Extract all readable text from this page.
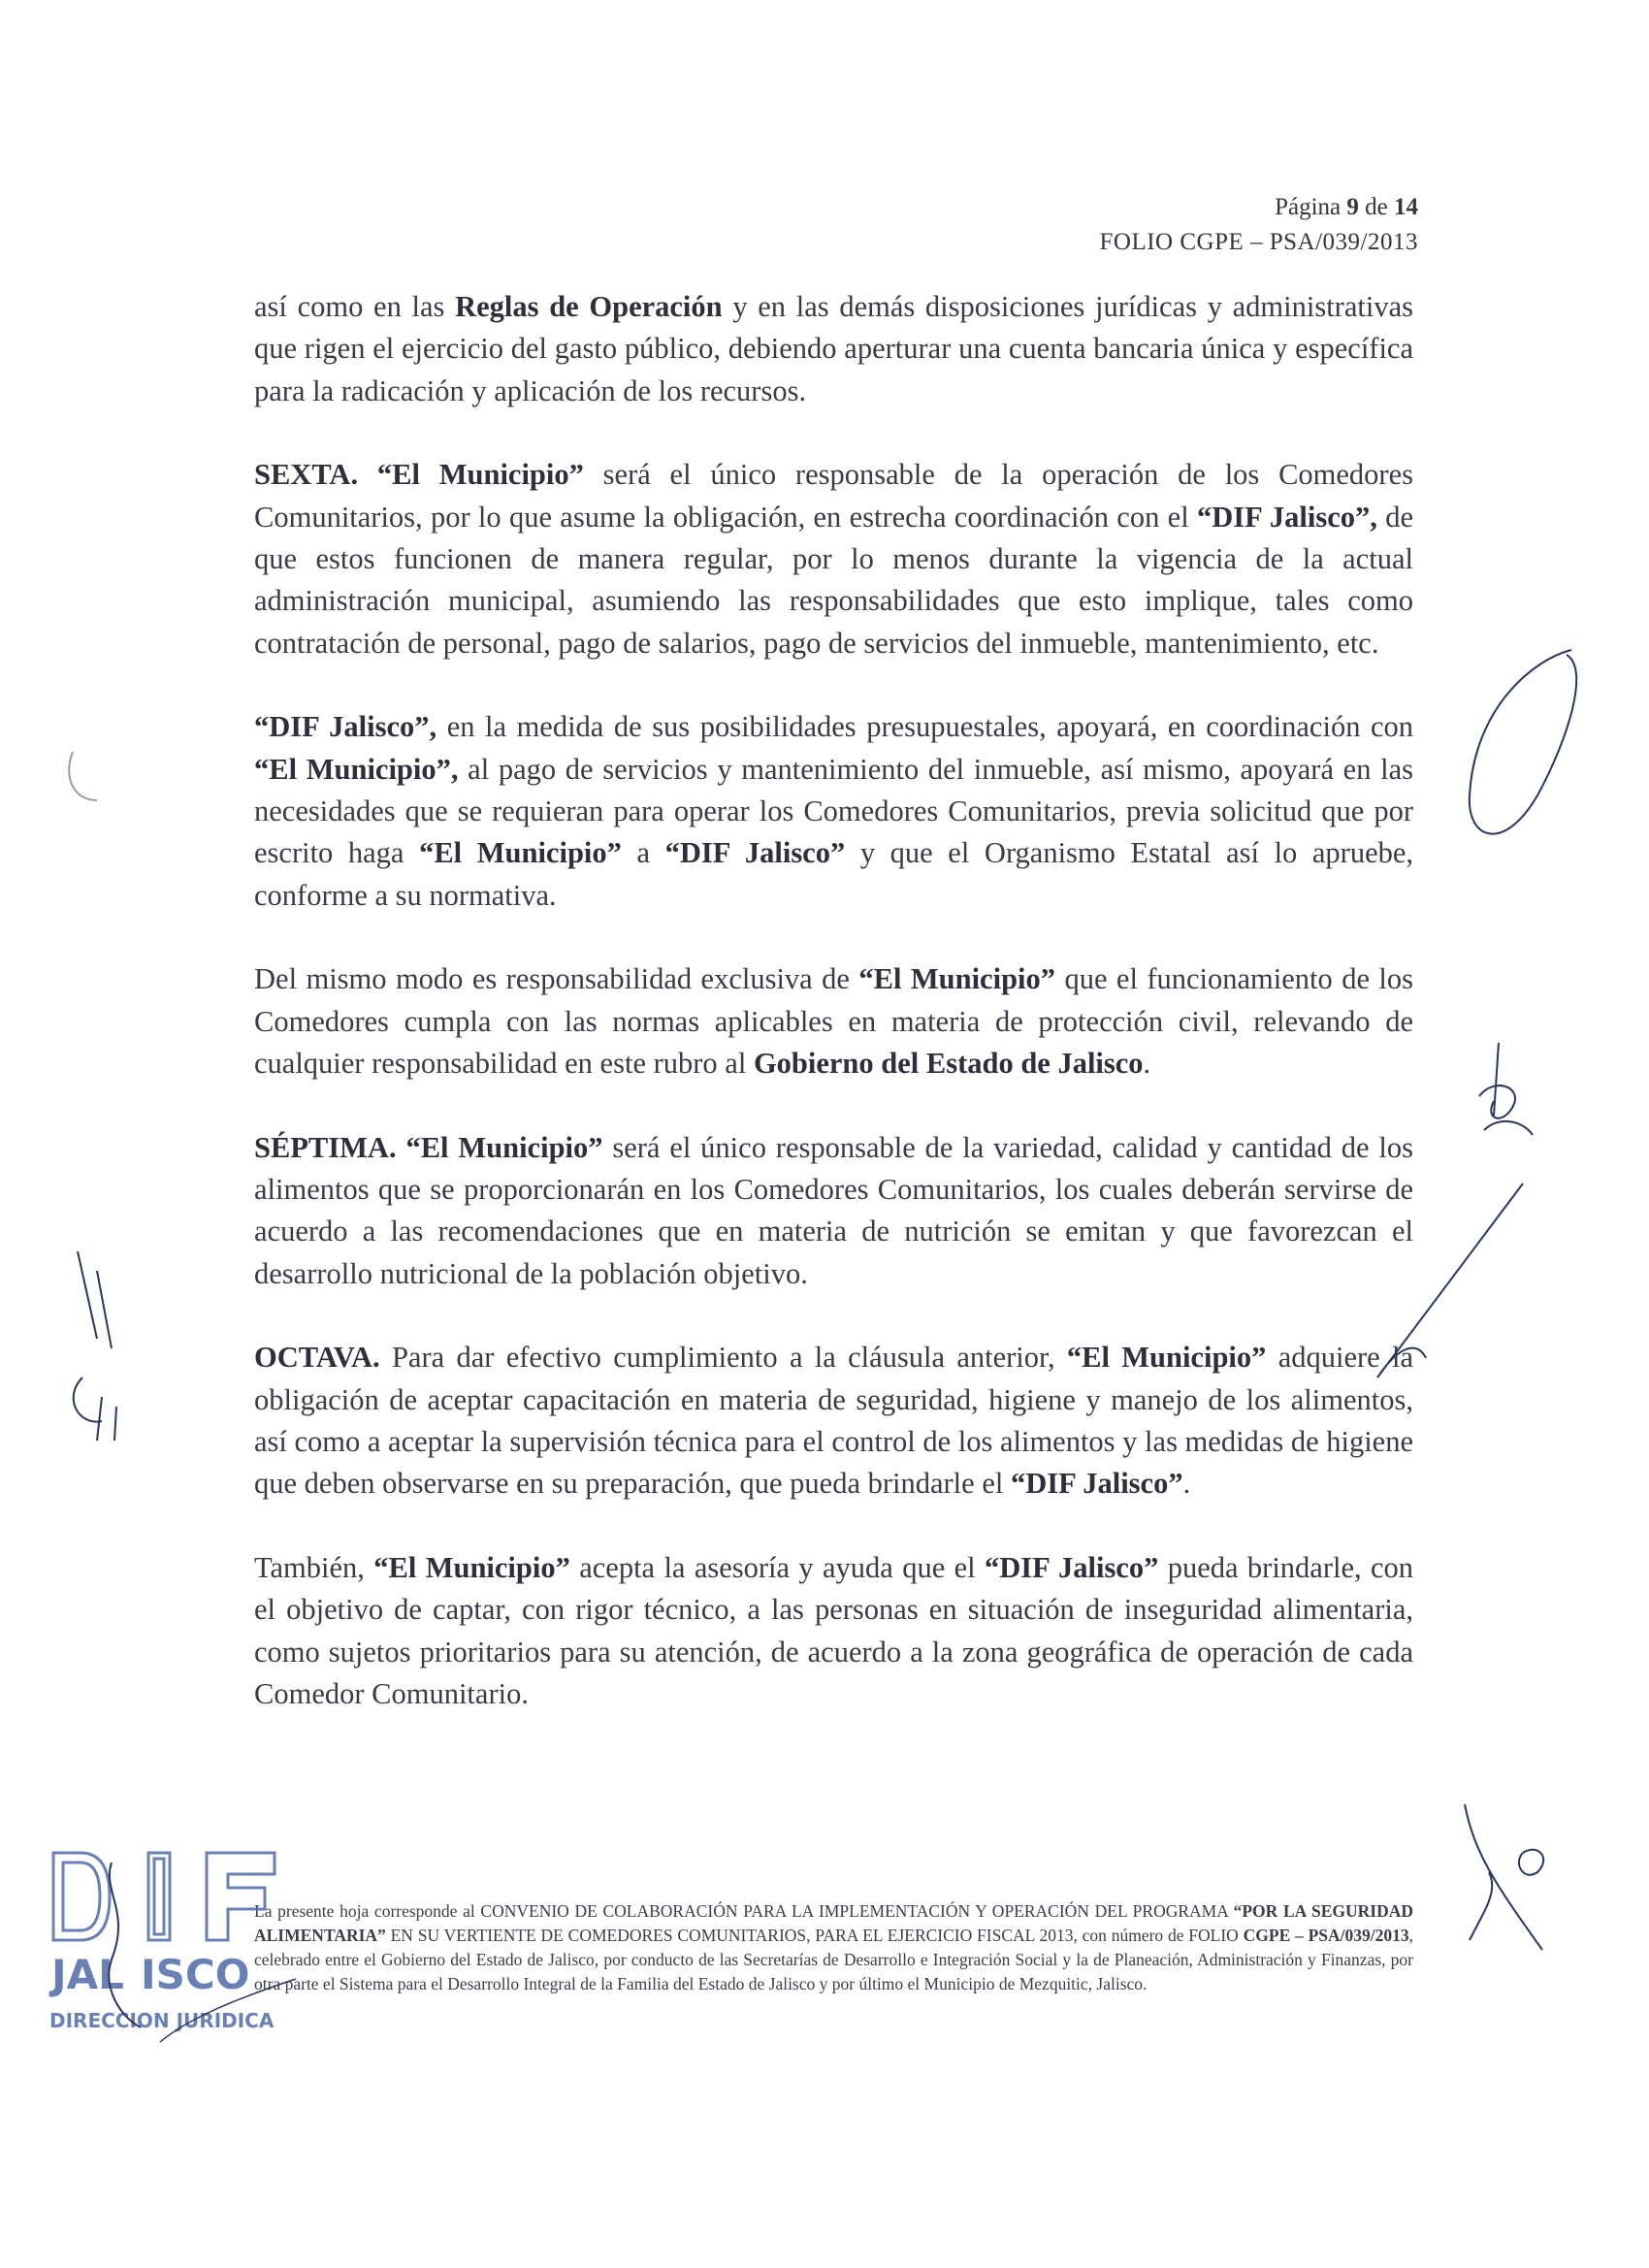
Página 9 de 14
FOLIO CGPE – PSA/039/2013

así como en las Reglas de Operación y en las demás disposiciones jurídicas y administrativas que rigen el ejercicio del gasto público, debiendo aperturar una cuenta bancaria única y específica para la radicación y aplicación de los recursos.

SEXTA. “El Municipio” será el único responsable de la operación de los Comedores Comunitarios, por lo que asume la obligación, en estrecha coordinación con el “DIF Jalisco”, de que estos funcionen de manera regular, por lo menos durante la vigencia de la actual administración municipal, asumiendo las responsabilidades que esto implique, tales como contratación de personal, pago de salarios, pago de servicios del inmueble, mantenimiento, etc.

“DIF Jalisco”, en la medida de sus posibilidades presupuestales, apoyará, en coordinación con “El Municipio”, al pago de servicios y mantenimiento del inmueble, así mismo, apoyará en las necesidades que se requieran para operar los Comedores Comunitarios, previa solicitud que por escrito haga “El Municipio” a “DIF Jalisco” y que el Organismo Estatal así lo apruebe, conforme a su normativa.

Del mismo modo es responsabilidad exclusiva de “El Municipio” que el funcionamiento de los Comedores cumpla con las normas aplicables en materia de protección civil, relevando de cualquier responsabilidad en este rubro al Gobierno del Estado de Jalisco.

SÉPTIMA. “El Municipio” será el único responsable de la variedad, calidad y cantidad de los alimentos que se proporcionarán en los Comedores Comunitarios, los cuales deberán servirse de acuerdo a las recomendaciones que en materia de nutrición se emitan y que favorezcan el desarrollo nutricional de la población objetivo.

OCTAVA. Para dar efectivo cumplimiento a la cláusula anterior, “El Municipio” adquiere la obligación de aceptar capacitación en materia de seguridad, higiene y manejo de los alimentos, así como a aceptar la supervisión técnica para el control de los alimentos y las medidas de higiene que deben observarse en su preparación, que pueda brindarle el “DIF Jalisco”.

También, “El Municipio” acepta la asesoría y ayuda que el “DIF Jalisco” pueda brindarle, con el objetivo de captar, con rigor técnico, a las personas en situación de inseguridad alimentaria, como sujetos prioritarios para su atención, de acuerdo a la zona geográfica de operación de cada Comedor Comunitario.

La presente hoja corresponde al CONVENIO DE COLABORACIÓN PARA LA IMPLEMENTACIÓN Y OPERACIÓN DEL PROGRAMA “POR LA SEGURIDAD ALIMENTARIA” EN SU VERTIENTE DE COMEDORES COMUNITARIOS, PARA EL EJERCICIO FISCAL 2013, con número de FOLIO CGPE – PSA/039/2013, celebrado entre el Gobierno del Estado de Jalisco, por conducto de las Secretarías de Desarrollo e Integración Social y la de Planeación, Administración y Finanzas, por otra parte el Sistema para el Desarrollo Integral de la Familia del Estado de Jalisco y por último el Municipio de Mezquitic, Jalisco.
JAL ISCO
DIRECCION JURIDICA
